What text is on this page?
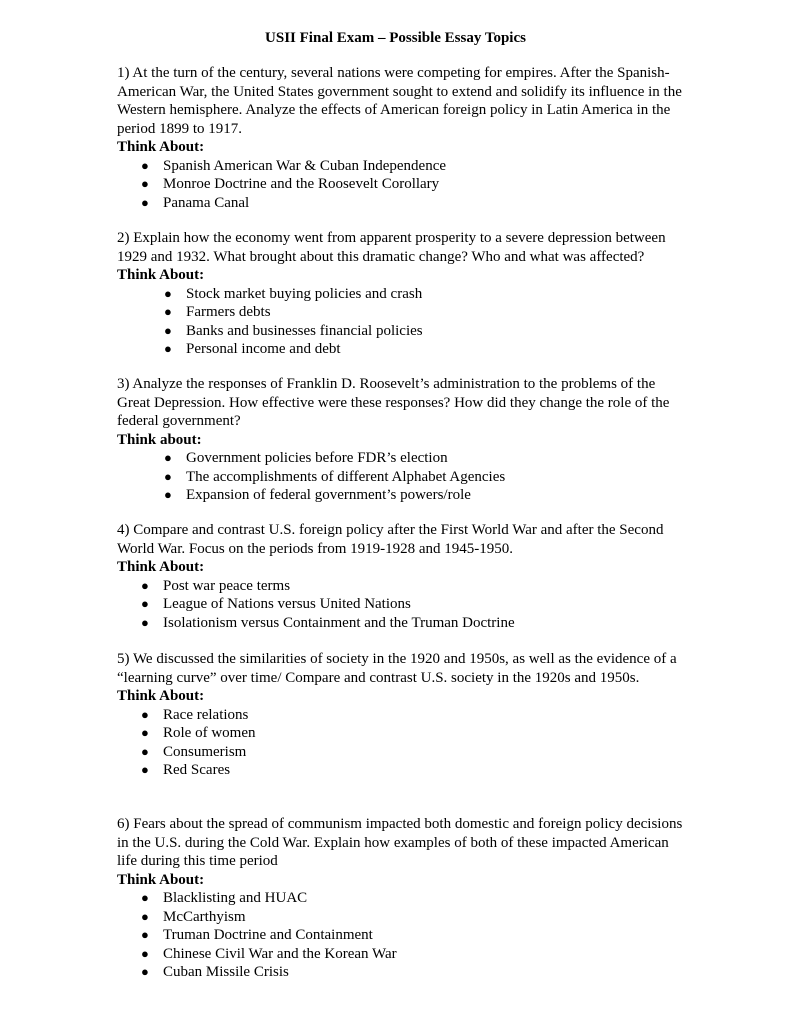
USII Final Exam – Possible Essay Topics

1) At the turn of the century, several nations were competing for empires. After the Spanish-American War, the United States government sought to extend and solidify its influence in the Western hemisphere. Analyze the effects of American foreign policy in Latin America in the period 1899 to 1917.

Think About:
● Spanish American War & Cuban Independence
● Monroe Doctrine and the Roosevelt Corollary
● Panama Canal

2) Explain how the economy went from apparent prosperity to a severe depression between 1929 and 1932. What brought about this dramatic change? Who and what was affected? Think About:

● Stock market buying policies and crash
● Farmers debts
● Banks and businesses financial policies
● Personal income and debt

3) Analyze the responses of Franklin D. Roosevelt’s administration to the problems of the Great Depression. How effective were these responses? How did they change the role of the federal government?

Think about:
● Government policies before FDR’s election
● The accomplishments of different Alphabet Agencies
● Expansion of federal government’s powers/role

4) Compare and contrast U.S. foreign policy after the First World War and after the Second World War. Focus on the periods from 1919-1928 and 1945-1950.

Think About:
● Post war peace terms
● League of Nations versus United Nations
● Isolationism versus Containment and the Truman Doctrine

5) We discussed the similarities of society in the 1920 and 1950s, as well as the evidence of a “learning curve” over time/ Compare and contrast U.S. society in the 1920s and 1950s.

Think About:
● Race relations
● Role of women
● Consumerism
● Red Scares

6) Fears about the spread of communism impacted both domestic and foreign policy decisions in the U.S. during the Cold War. Explain how examples of both of these impacted American life during this time period

Think About:
● Blacklisting and HUAC
● McCarthyism
● Truman Doctrine and Containment
● Chinese Civil War and the Korean War
● Cuban Missile Crisis
